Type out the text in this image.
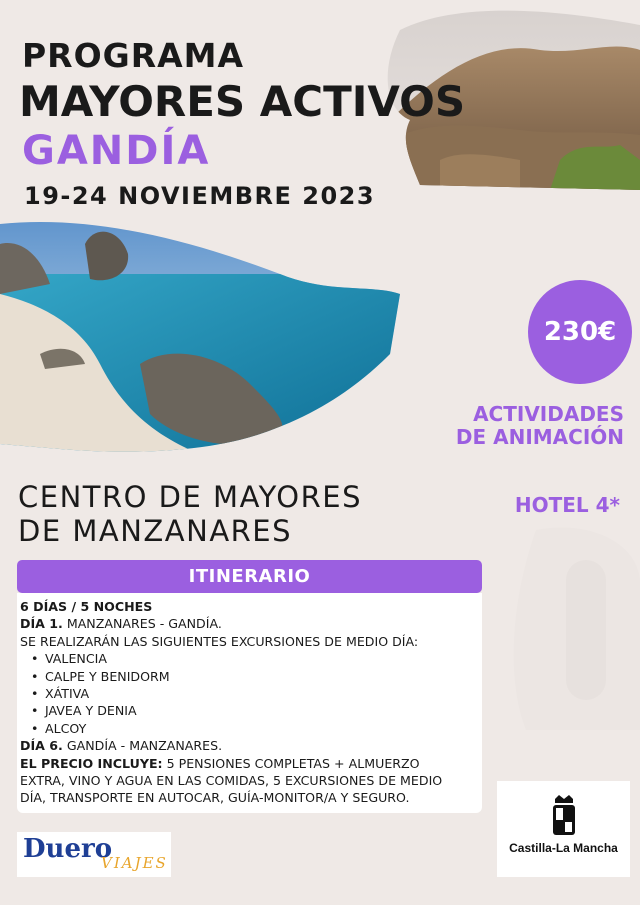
PROGRAMA
MAYORES ACTIVOS
GANDÍA
19-24 NOVIEMBRE 2023
230€
ACTIVIDADES
DE ANIMACIÓN
CENTRO DE MAYORES
DE MANZANARES
HOTEL 4*
ITINERARIO
6 DÍAS / 5 NOCHES
DÍA 1. MANZANARES - GANDÍA.
SE REALIZARÁN LAS SIGUIENTES EXCURSIONES DE MEDIO DÍA:
• VALENCIA
• CALPE Y BENIDORM
• XÁTIVA
• JAVEA Y DENIA
• ALCOY
DÍA 6. GANDÍA - MANZANARES.
EL PRECIO INCLUYE: 5 PENSIONES COMPLETAS + ALMUERZO
EXTRA, VINO Y AGUA EN LAS COMIDAS, 5 EXCURSIONES DE MEDIO
DÍA, TRANSPORTE EN AUTOCAR, GUÍA-MONITOR/A Y SEGURO.
Duero
VIAJES
Castilla-La Mancha
